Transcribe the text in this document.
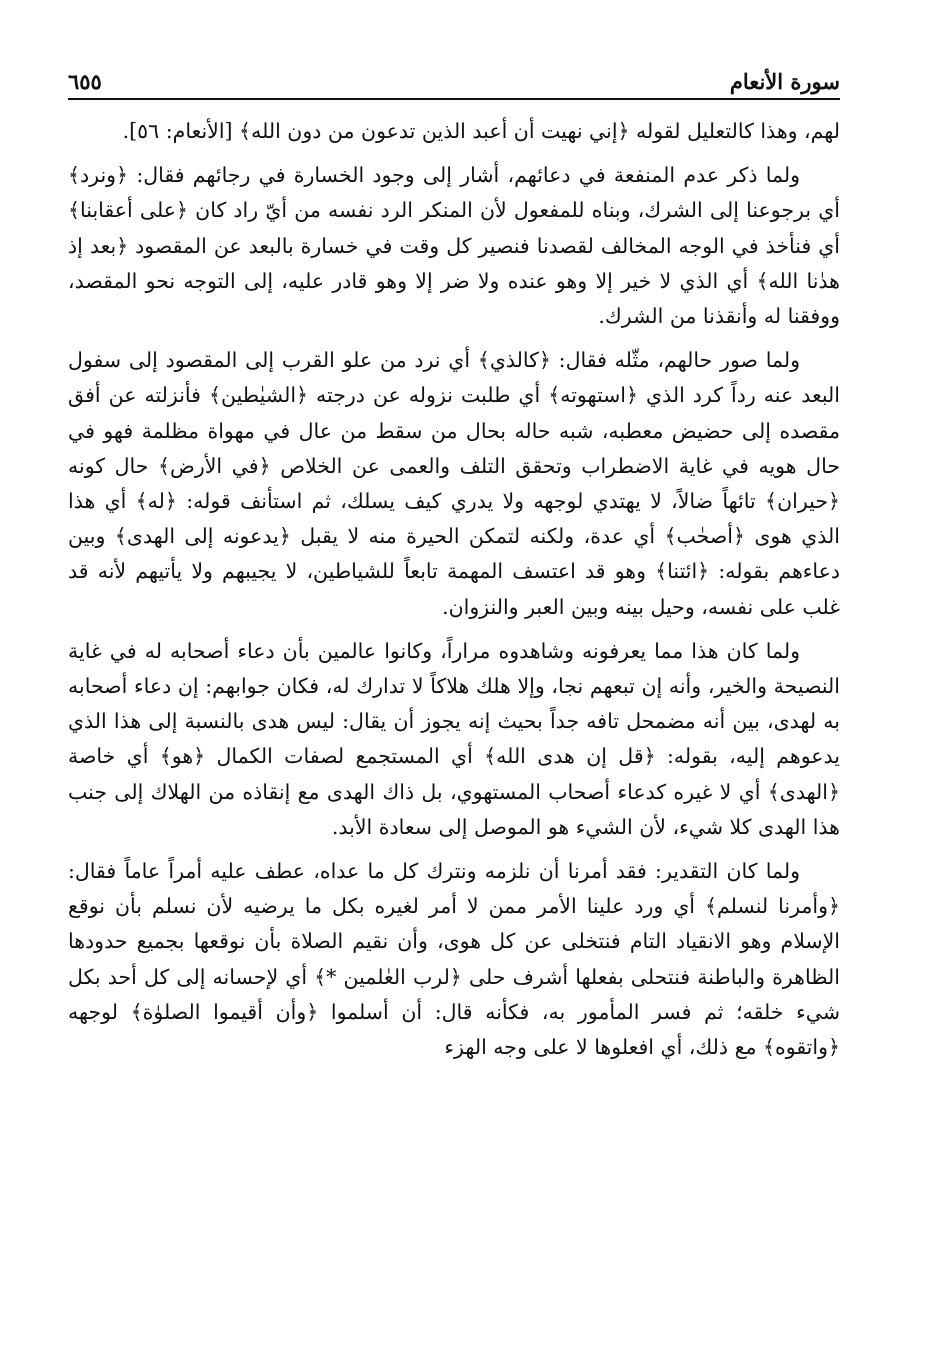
سورة الأنعام
٦٥٥

لهم، وهذا كالتعليل لقوله ﴿إني نهيت أن أعبد الذين تدعون من دون الله﴾ [الأنعام: ٥٦].

ولما ذكر عدم المنفعة في دعائهم، أشار إلى وجود الخسارة في رجائهم فقال: ﴿ونرد﴾ أي برجوعنا إلى الشرك، وبناه للمفعول لأن المنكر الرد نفسه من أيّ راد كان ﴿على أعقابنا﴾ أي فنأخذ في الوجه المخالف لقصدنا فنصير كل وقت في خسارة بالبعد عن المقصود ﴿بعد إذ هدٰنا الله﴾ أي الذي لا خير إلا وهو عنده ولا ضر إلا وهو قادر عليه، إلى التوجه نحو المقصد، ووفقنا له وأنقذنا من الشرك.

ولما صور حالهم، مثّله فقال: ﴿كالذي﴾ أي نرد من علو القرب إلى المقصود إلى سفول البعد عنه رداً كرد الذي ﴿استهوته﴾ أي طلبت نزوله عن درجته ﴿الشيٰطين﴾ فأنزلته عن أفق مقصده إلى حضيض معطبه، شبه حاله بحال من سقط من عال في مهواة مظلمة فهو في حال هويه في غاية الاضطراب وتحقق التلف والعمى عن الخلاص ﴿في الأرض﴾ حال كونه ﴿حيران﴾ تائهاً ضالاً، لا يهتدي لوجهه ولا يدري كيف يسلك، ثم استأنف قوله: ﴿له﴾ أي هذا الذي هوى ﴿أصحٰب﴾ أي عدة، ولكنه لتمكن الحيرة منه لا يقبل ﴿يدعونه إلى الهدى﴾ وبين دعاءهم بقوله: ﴿ائتنا﴾ وهو قد اعتسف المهمة تابعاً للشياطين، لا يجيبهم ولا يأتيهم لأنه قد غلب على نفسه، وحيل بينه وبين العبر والنزوان.

ولما كان هذا مما يعرفونه وشاهدوه مراراً، وكانوا عالمين بأن دعاء أصحابه له في غاية النصيحة والخير، وأنه إن تبعهم نجا، وإلا هلك هلاكاً لا تدارك له، فكان جوابهم: إن دعاء أصحابه به لهدى، بين أنه مضمحل تافه جداً بحيث إنه يجوز أن يقال: ليس هدى بالنسبة إلى هذا الذي يدعوهم إليه، بقوله: ﴿قل إن هدى الله﴾ أي المستجمع لصفات الكمال ﴿هو﴾ أي خاصة ﴿الهدى﴾ أي لا غيره كدعاء أصحاب المستهوي، بل ذاك الهدى مع إنقاذه من الهلاك إلى جنب هذا الهدى كلا شيء، لأن الشيء هو الموصل إلى سعادة الأبد.

ولما كان التقدير: فقد أمرنا أن نلزمه ونترك كل ما عداه، عطف عليه أمراً عاماً فقال: ﴿وأمرنا لنسلم﴾ أي ورد علينا الأمر ممن لا أمر لغيره بكل ما يرضيه لأن نسلم بأن نوقع الإسلام وهو الانقياد التام فنتخلى عن كل هوى، وأن نقيم الصلاة بأن نوقعها بجميع حدودها الظاهرة والباطنة فنتحلى بفعلها أشرف حلى ﴿لرب العٰلمين *﴾ أي لإحسانه إلى كل أحد بكل شيء خلقه؛ ثم فسر المأمور به، فكأنه قال: أن أسلموا ﴿وأن أقيموا الصلوٰة﴾ لوجهه ﴿واتقوه﴾ مع ذلك، أي افعلوها لا على وجه الهزء
